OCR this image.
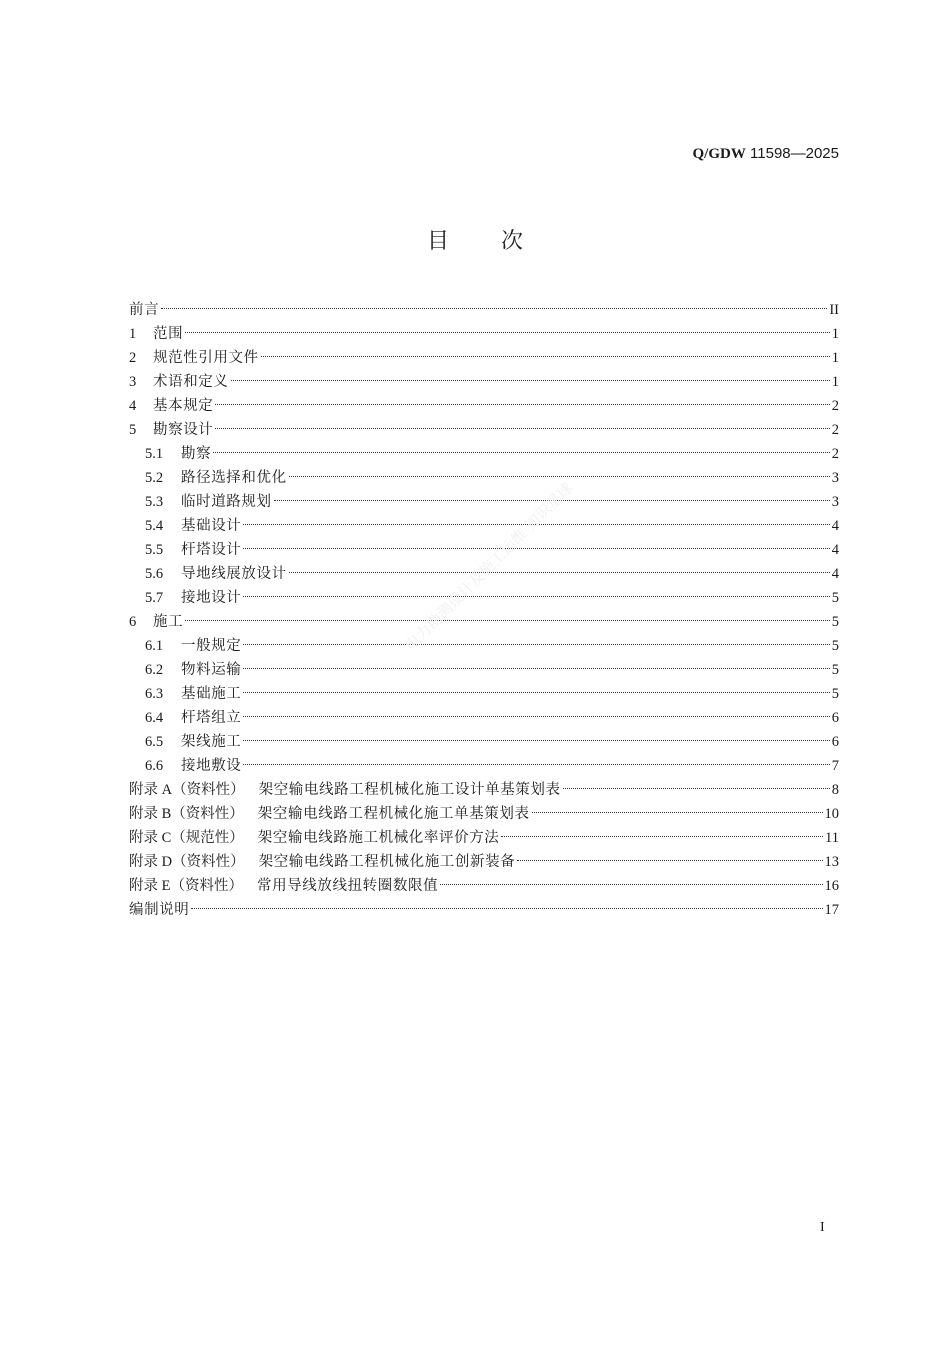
Q/GDW 11598—2025
目 次
前言	II
1	范围	1
2	规范性引用文件	1
3	术语和定义	1
4	基本规定	2
5	勘察设计	2
5.1	勘察	2
5.2	路径选择和优化	3
5.3	临时道路规划	3
5.4	基础设计	4
5.5	杆塔设计	4
5.6	导地线展放设计	4
5.7	接地设计	5
6	施工	5
6.1	一般规定	5
6.2	物料运输	5
6.3	基础施工	5
6.4	杆塔组立	6
6.5	架线施工	6
6.6	接地敷设	7
附录 A（资料性） 架空输电线路工程机械化施工设计单基策划表	8
附录 B（资料性） 架空输电线路工程机械化施工单基策划表	10
附录 C（规范性） 架空输电线路施工机械化率评价方法	11
附录 D（资料性） 架空输电线路工程机械化施工创新装备	13
附录 E（资料性） 常用导线放线扭转圈数限值	16
编制说明	17
电力勘测设计及施工运维 知识星球
I
